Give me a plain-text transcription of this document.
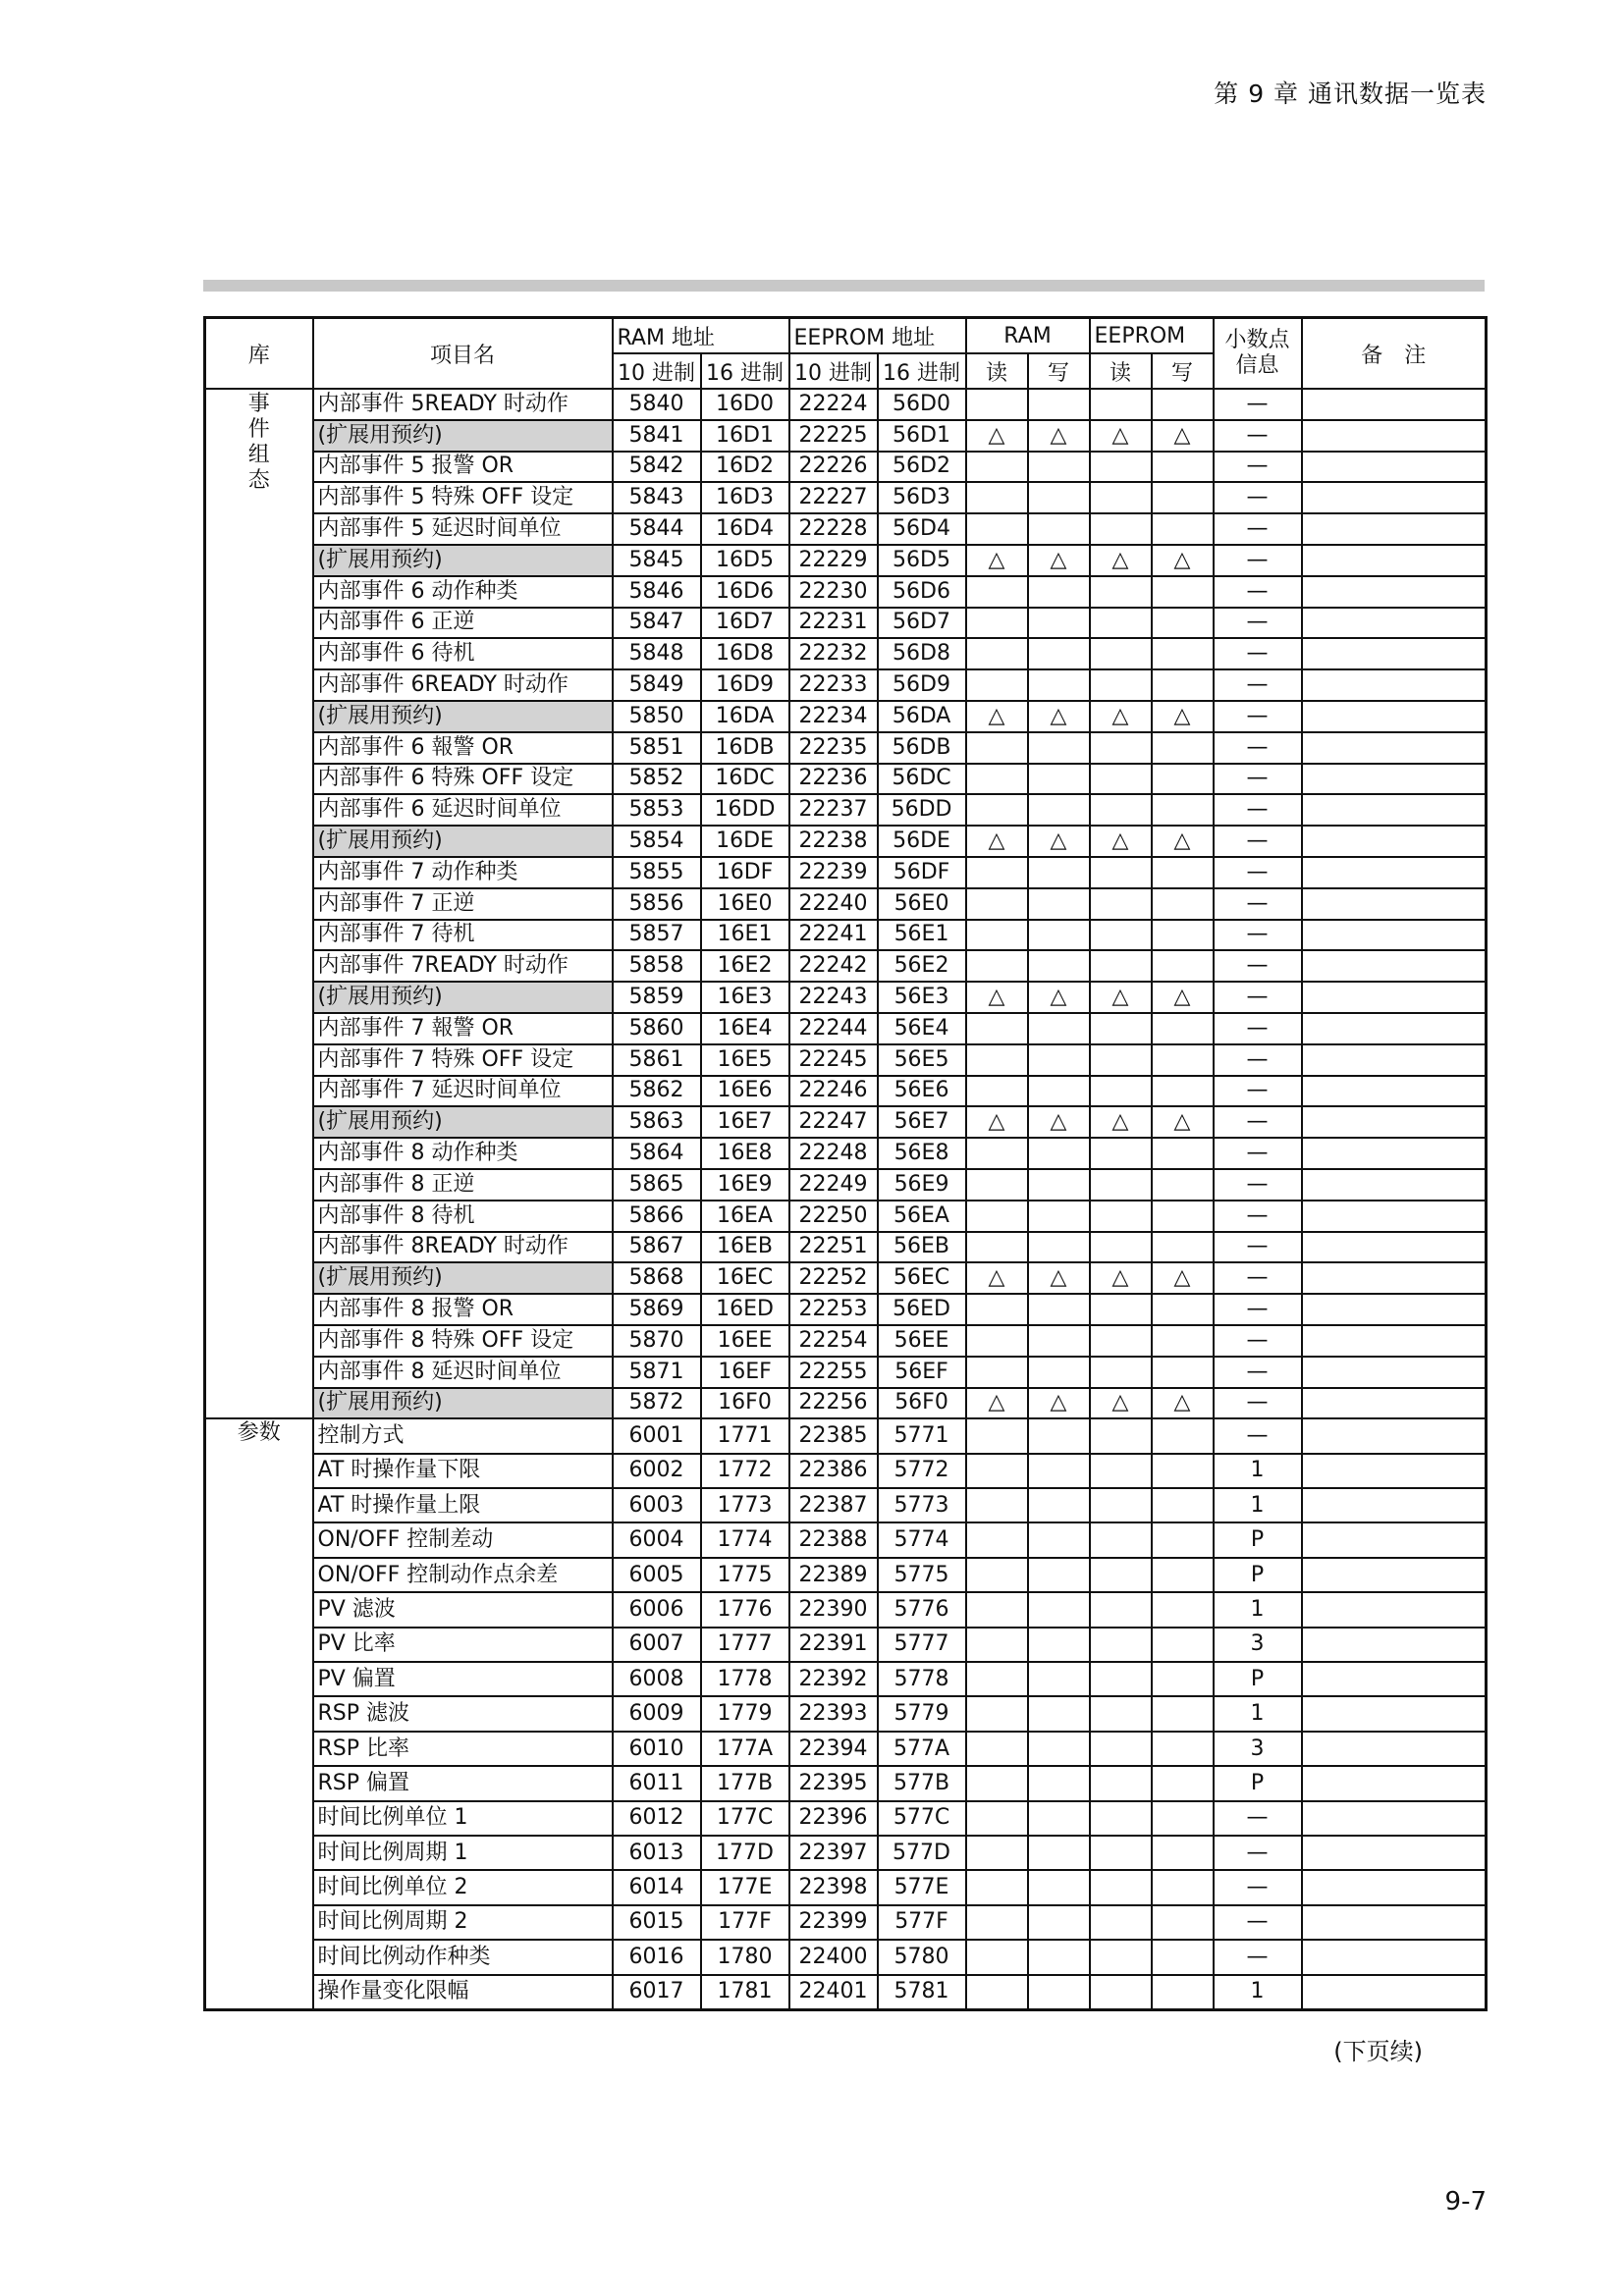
第 9 章 通讯数据一览表
库	项目名	RAM 地址		EEPROM 地址		RAM		EEPROM		小数点信息	备　注
		10 进制	16 进制	10 进制	16 进制	读	写	读	写		
事件组态	内部事件 5READY 时动作	5840	16D0	22224	56D0					—	
	(扩展用预约)	5841	16D1	22225	56D1	△	△	△	△	—	
	内部事件 5 报警 OR	5842	16D2	22226	56D2					—	
	内部事件 5 特殊 OFF 设定	5843	16D3	22227	56D3					—	
	内部事件 5 延迟时间单位	5844	16D4	22228	56D4					—	
	(扩展用预约)	5845	16D5	22229	56D5	△	△	△	△	—	
	内部事件 6 动作种类	5846	16D6	22230	56D6					—	
	内部事件 6 正逆	5847	16D7	22231	56D7					—	
	内部事件 6 待机	5848	16D8	22232	56D8					—	
	内部事件 6READY 时动作	5849	16D9	22233	56D9					—	
	(扩展用预约)	5850	16DA	22234	56DA	△	△	△	△	—	
	内部事件 6 報警 OR	5851	16DB	22235	56DB					—	
	内部事件 6 特殊 OFF 设定	5852	16DC	22236	56DC					—	
	内部事件 6 延迟时间单位	5853	16DD	22237	56DD					—	
	(扩展用预约)	5854	16DE	22238	56DE	△	△	△	△	—	
	内部事件 7 动作种类	5855	16DF	22239	56DF					—	
	内部事件 7 正逆	5856	16E0	22240	56E0					—	
	内部事件 7 待机	5857	16E1	22241	56E1					—	
	内部事件 7READY 时动作	5858	16E2	22242	56E2					—	
	(扩展用预约)	5859	16E3	22243	56E3	△	△	△	△	—	
	内部事件 7 報警 OR	5860	16E4	22244	56E4					—	
	内部事件 7 特殊 OFF 设定	5861	16E5	22245	56E5					—	
	内部事件 7 延迟时间单位	5862	16E6	22246	56E6					—	
	(扩展用预约)	5863	16E7	22247	56E7	△	△	△	△	—	
	内部事件 8 动作种类	5864	16E8	22248	56E8					—	
	内部事件 8 正逆	5865	16E9	22249	56E9					—	
	内部事件 8 待机	5866	16EA	22250	56EA					—	
	内部事件 8READY 时动作	5867	16EB	22251	56EB					—	
	(扩展用预约)	5868	16EC	22252	56EC	△	△	△	△	—	
	内部事件 8 报警 OR	5869	16ED	22253	56ED					—	
	内部事件 8 特殊 OFF 设定	5870	16EE	22254	56EE					—	
	内部事件 8 延迟时间单位	5871	16EF	22255	56EF					—	
	(扩展用预约)	5872	16F0	22256	56F0	△	△	△	△	—	
参数	控制方式	6001	1771	22385	5771					—	
	AT 时操作量下限	6002	1772	22386	5772					1	
	AT 时操作量上限	6003	1773	22387	5773					1	
	ON/OFF 控制差动	6004	1774	22388	5774					P	
	ON/OFF 控制动作点余差	6005	1775	22389	5775					P	
	PV 滤波	6006	1776	22390	5776					1	
	PV 比率	6007	1777	22391	5777					3	
	PV 偏置	6008	1778	22392	5778					P	
	RSP 滤波	6009	1779	22393	5779					1	
	RSP 比率	6010	177A	22394	577A					3	
	RSP 偏置	6011	177B	22395	577B					P	
	时间比例单位 1	6012	177C	22396	577C					—	
	时间比例周期 1	6013	177D	22397	577D					—	
	时间比例单位 2	6014	177E	22398	577E					—	
	时间比例周期 2	6015	177F	22399	577F					—	
	时间比例动作种类	6016	1780	22400	5780					—	
	操作量变化限幅	6017	1781	22401	5781					1	
(下页续)
9-7
